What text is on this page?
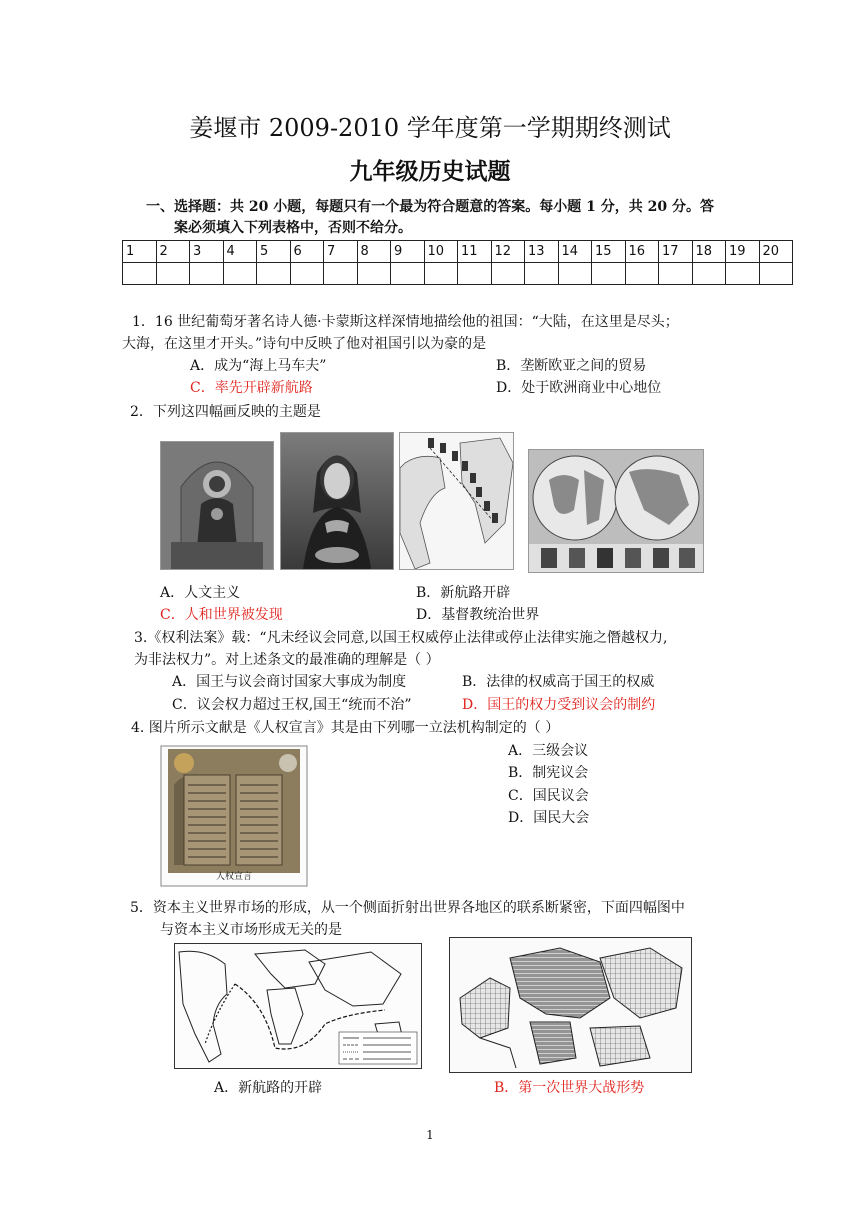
姜堰市 2009-2010 学年度第一学期期终测试
九年级历史试题
一、选择题：共 20 小题，每题只有一个最为符合题意的答案。每小题 1 分，共 20 分。答
案必须填入下列表格中，否则不给分。
1	2	3	4	5	6	7	8	9	10	11	12	13	14	15	16	17	18	19	20

1．16 世纪葡萄牙著名诗人德·卡蒙斯这样深情地描绘他的祖国：“大陆，在这里是尽头；
大海，在这里才开头。”诗句中反映了他对祖国引以为豪的是
A．成为“海上马车夫”	B．垄断欧亚之间的贸易
C．率先开辟新航路	D．处于欧洲商业中心地位
2．下列这四幅画反映的主题是
A．人文主义	B．新航路开辟
C．人和世界被发现	D．基督教统治世界
3.《权利法案》载：“凡未经议会同意,以国王权威停止法律或停止法律实施之僭越权力,
为非法权力”。对上述条文的最准确的理解是（ ）
A．国王与议会商讨国家大事成为制度	B．法律的权威高于国王的权威
C．议会权力超过王权,国王“统而不治”	D．国王的权力受到议会的制约
4. 图片所示文献是《人权宣言》其是由下列哪一立法机构制定的（ ）
A．三级会议
B．制宪议会
C．国民议会
D．国民大会
人权宣言
5．资本主义世界市场的形成，从一个侧面折射出世界各地区的联系断紧密，下面四幅图中
与资本主义市场形成无关的是
A．新航路的开辟	B．第一次世界大战形势
1
